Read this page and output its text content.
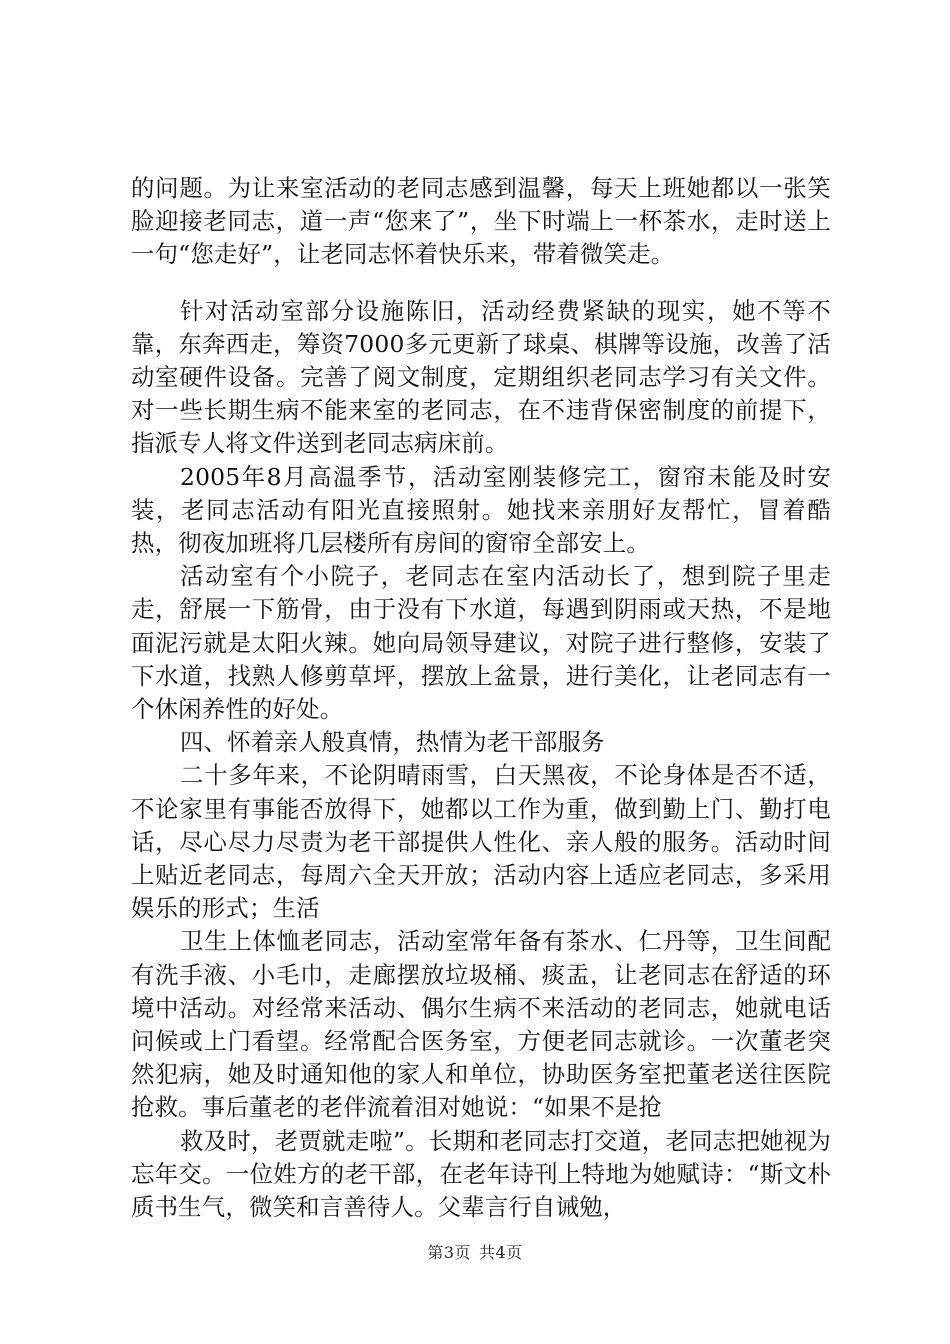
的问题。为让来室活动的老同志感到温馨，每天上班她都以一张笑脸迎接老同志，道一声“您来了”，坐下时端上一杯茶水，走时送上一句“您走好”，让老同志怀着快乐来，带着微笑走。

针对活动室部分设施陈旧，活动经费紧缺的现实，她不等不靠，东奔西走，筹资7000多元更新了球桌、棋牌等设施，改善了活动室硬件设备。完善了阅文制度，定期组织老同志学习有关文件。对一些长期生病不能来室的老同志，在不违背保密制度的前提下，指派专人将文件送到老同志病床前。

2005年8月高温季节，活动室刚装修完工，窗帘未能及时安装，老同志活动有阳光直接照射。她找来亲朋好友帮忙，冒着酷热，彻夜加班将几层楼所有房间的窗帘全部安上。

活动室有个小院子，老同志在室内活动长了，想到院子里走走，舒展一下筋骨，由于没有下水道，每遇到阴雨或天热，不是地面泥污就是太阳火辣。她向局领导建议，对院子进行整修，安装了下水道，找熟人修剪草坪，摆放上盆景，进行美化，让老同志有一个休闲养性的好处。

四、怀着亲人般真情，热情为老干部服务

二十多年来，不论阴晴雨雪，白天黑夜，不论身体是否不适，不论家里有事能否放得下，她都以工作为重，做到勤上门、勤打电话，尽心尽力尽责为老干部提供人性化、亲人般的服务。活动时间上贴近老同志，每周六全天开放；活动内容上适应老同志，多采用娱乐的形式；生活

卫生上体恤老同志，活动室常年备有茶水、仁丹等，卫生间配有洗手液、小毛巾，走廊摆放垃圾桶、痰盂，让老同志在舒适的环境中活动。对经常来活动、偶尔生病不来活动的老同志，她就电话问候或上门看望。经常配合医务室，方便老同志就诊。一次董老突然犯病，她及时通知他的家人和单位，协助医务室把董老送往医院抢救。事后董老的老伴流着泪对她说：“如果不是抢

救及时，老贾就走啦”。长期和老同志打交道，老同志把她视为忘年交。一位姓方的老干部，在老年诗刊上特地为她赋诗：“斯文朴质书生气，微笑和言善待人。父辈言行自诫勉，

第3页 共4页
